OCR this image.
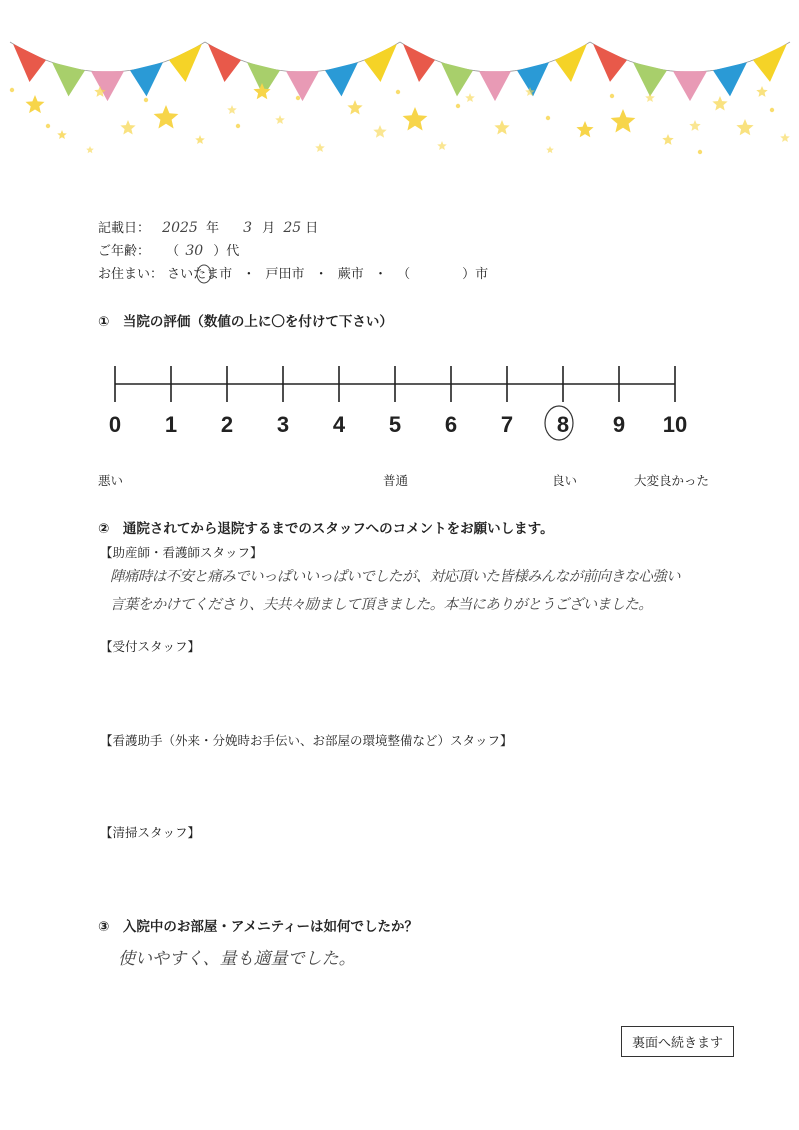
記載日： 2025 年 3 月 25 日
ご年齢： （ 30 ）代
お住まい： さいたま市 ・ 戸田市 ・ 蕨市 ・ （　　　　）市
①　当院の評価（数値の上に〇を付けて下さい）
0 1 2 3 4 5 6 7 8 9 10
悪い	普通	良い	大変良かった
②　通院されてから退院するまでのスタッフへのコメントをお願いします。
【助産師・看護師スタッフ】
陣痛時は不安と痛みでいっぱいいっぱいでしたが、対応頂いた皆様みんなが前向きな心強い
言葉をかけてくださり、夫共々励まして頂きました。本当にありがとうございました。
【受付スタッフ】
【看護助手（外来・分娩時お手伝い、お部屋の環境整備など）スタッフ】
【清掃スタッフ】
③　入院中のお部屋・アメニティーは如何でしたか？
使いやすく、量も適量でした。
裏面へ続きます
